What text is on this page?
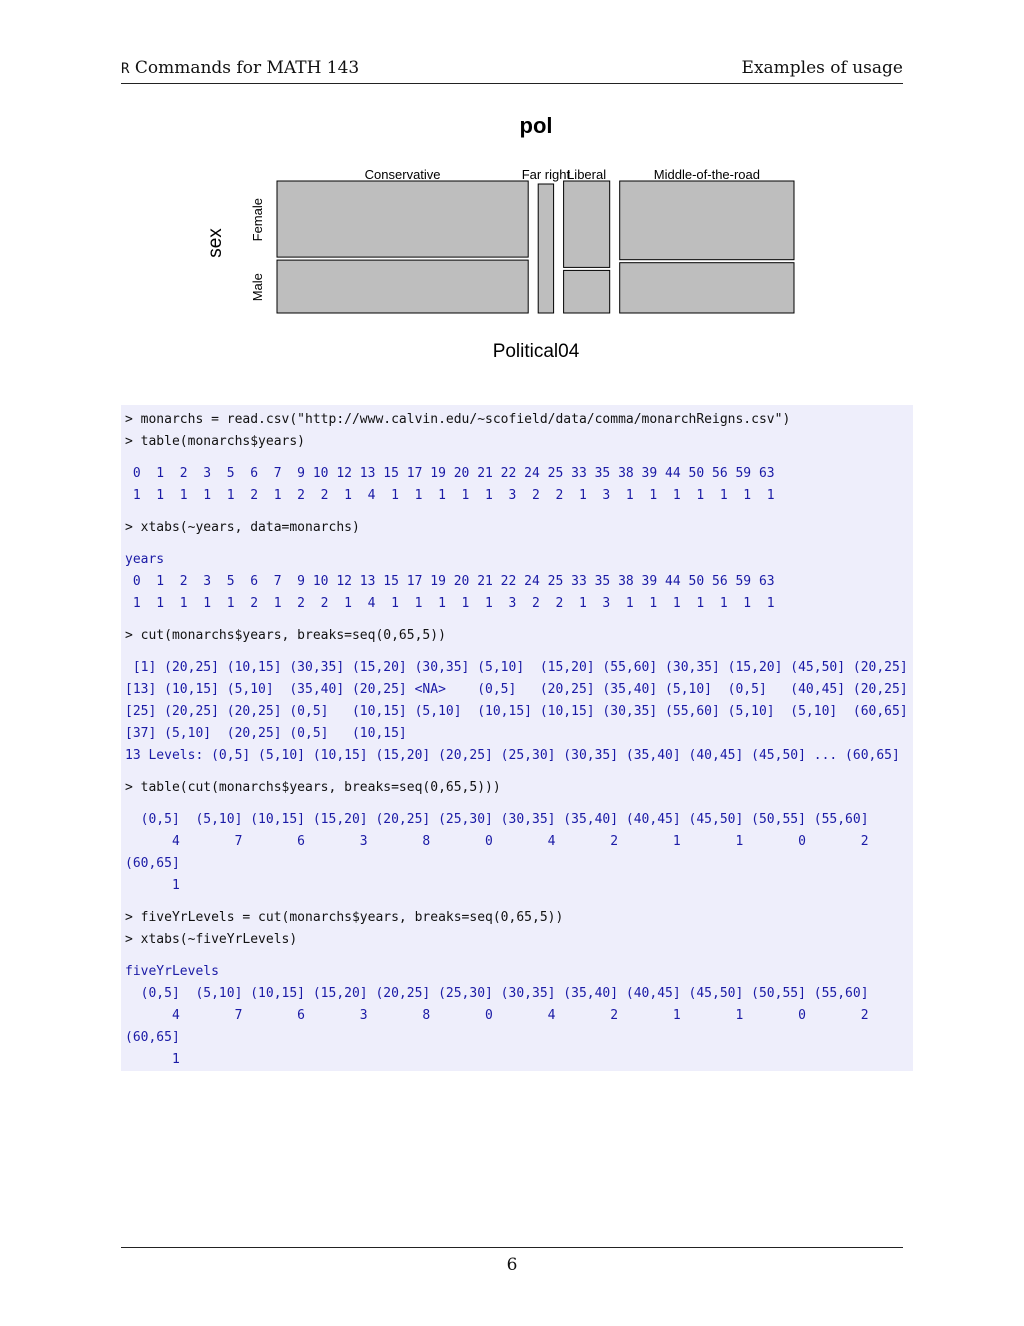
R Commands for MATH 143	Examples of usage
pol
Political04
sex
Conservative	Far right
Liberal	Middle-of-the-road
Female
Male
> monarchs = read.csv("http://www.calvin.edu/~scofield/data/comma/monarchReigns.csv")
> table(monarchs$years)
0  1  2  3  5  6  7  9 10 12 13 15 17 19 20 21 22 24 25 33 35 38 39 44 50 56 59 63
1  1  1  1  1  2  1  2  2  1  4  1  1  1  1  1  3  2  2  1  3  1  1  1  1  1  1  1
> xtabs(~years, data=monarchs)
years
0  1  2  3  5  6  7  9 10 12 13 15 17 19 20 21 22 24 25 33 35 38 39 44 50 56 59 63
1  1  1  1  1  2  1  2  2  1  4  1  1  1  1  1  3  2  2  1  3  1  1  1  1  1  1  1
> cut(monarchs$years, breaks=seq(0,65,5))
[1] (20,25] (10,15] (30,35] (15,20] (30,35] (5,10]  (15,20] (55,60] (30,35] (15,20] (45,50] (20,25]
[13] (10,15] (5,10]  (35,40] (20,25] <NA>    (0,5]   (20,25] (35,40] (5,10]  (0,5]   (40,45] (20,25]
[25] (20,25] (20,25] (0,5]   (10,15] (5,10]  (10,15] (10,15] (30,35] (55,60] (5,10]  (5,10]  (60,65]
[37] (5,10]  (20,25] (0,5]   (10,15]
13 Levels: (0,5] (5,10] (10,15] (15,20] (20,25] (25,30] (30,35] (35,40] (40,45] (45,50] ... (60,65]
> table(cut(monarchs$years, breaks=seq(0,65,5)))
(0,5]  (5,10] (10,15] (15,20] (20,25] (25,30] (30,35] (35,40] (40,45] (45,50] (50,55] (55,60]
4       7       6       3       8       0       4       2       1       1       0       2
(60,65]
1
> fiveYrLevels = cut(monarchs$years, breaks=seq(0,65,5))
> xtabs(~fiveYrLevels)
fiveYrLevels
(0,5]  (5,10] (10,15] (15,20] (20,25] (25,30] (30,35] (35,40] (40,45] (45,50] (50,55] (55,60]
4       7       6       3       8       0       4       2       1       1       0       2
(60,65]
1
6
